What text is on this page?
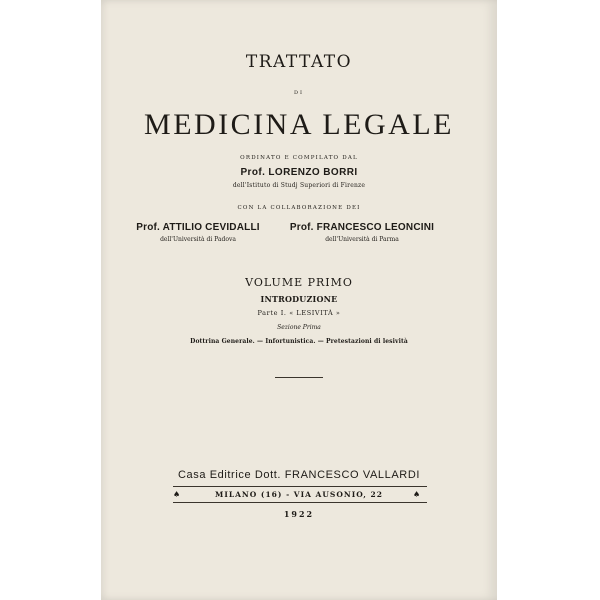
TRATTATO
DI
MEDICINA LEGALE
ORDINATO E COMPILATO DAL
Prof. LORENZO BORRI
dell'Istituto di Studj Superiori di Firenze
CON LA COLLABORAZIONE DEI
Prof. ATTILIO CEVIDALLI
dell'Università di Padova
Prof. FRANCESCO LEONCINI
dell'Università di Parma
VOLUME PRIMO
INTRODUZIONE
Parte I. « LESIVITÀ »
Sezione Prima
Dottrina Generale. — Infortunistica. — Pretestazioni di lesività
Casa Editrice Dott. FRANCESCO VALLARDI
♠	MILANO (16) - VIA AUSONIO, 22	♠
1922
